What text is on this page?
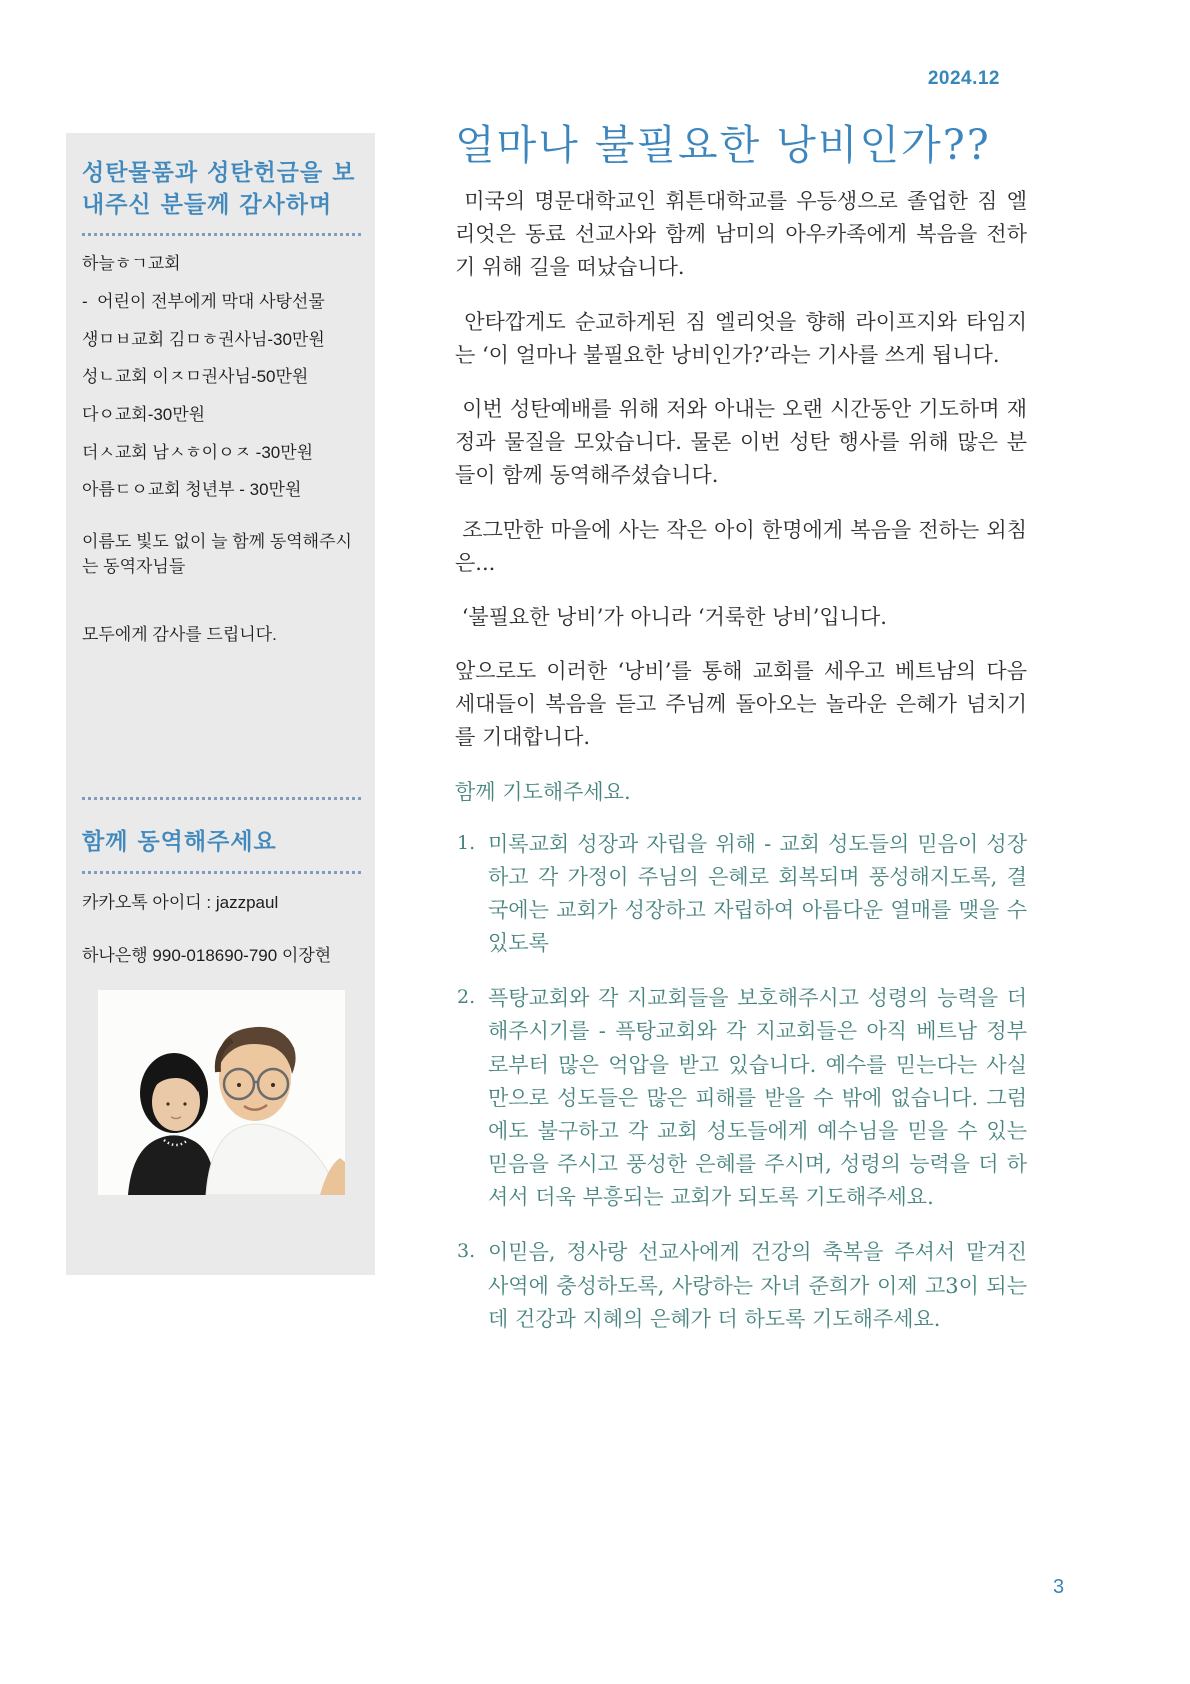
2024.12
성탄물품과 성탄헌금을 보내주신 분들께 감사하며
하늘ㅎㄱ교회
-  어린이 전부에게 막대 사탕선물
생ㅁㅂ교회 김ㅁㅎ권사님-30만원
성ㄴ교회 이ㅈㅁ권사님-50만원
다ㅇ교회-30만원
더ㅅ교회 남ㅅㅎ이ㅇㅈ -30만원
아름ㄷㅇ교회 청년부 - 30만원

이름도 빛도 없이 늘 함께 동역해주시는 동역자님들

모두에게 감사를 드립니다.

함께 동역해주세요

카카오톡 아이디 : jazzpaul

하나은행 990-018690-790 이장현

얼마나 불필요한 낭비인가??

미국의 명문대학교인 휘튼대학교를 우등생으로 졸업한 짐 엘리엇은 동료 선교사와 함께 남미의 아우카족에게 복음을 전하기 위해 길을 떠났습니다.

안타깝게도 순교하게된 짐 엘리엇을 향해 라이프지와 타임지는 ‘이 얼마나 불필요한 낭비인가?’라는 기사를 쓰게 됩니다.

이번 성탄예배를 위해 저와 아내는 오랜 시간동안 기도하며 재정과 물질을 모았습니다. 물론 이번 성탄 행사를 위해 많은 분들이 함께 동역해주셨습니다.

조그만한 마을에 사는 작은 아이 한명에게 복음을 전하는 외침은...

‘불필요한 낭비’가 아니라 ‘거룩한 낭비’입니다.

앞으로도 이러한 ‘낭비’를 통해 교회를 세우고 베트남의 다음 세대들이 복음을 듣고 주님께 돌아오는 놀라운 은혜가 넘치기를 기대합니다.

함께 기도해주세요.

미록교회 성장과 자립을 위해 - 교회 성도들의 믿음이 성장하고 각 가정이 주님의 은혜로 회복되며 풍성해지도록, 결국에는 교회가 성장하고 자립하여 아름다운 열매를 맺을 수 있도록
픅탕교회와 각 지교회들을 보호해주시고 성령의 능력을 더 해주시기를 - 픅탕교회와 각 지교회들은 아직 베트남 정부로부터 많은 억압을 받고 있습니다. 예수를 믿는다는 사실만으로 성도들은 많은 피해를 받을 수 밖에 없습니다. 그럼에도 불구하고 각 교회 성도들에게 예수님을 믿을 수 있는 믿음을 주시고 풍성한 은혜를 주시며, 성령의 능력을 더 하셔서 더욱 부흥되는 교회가 되도록 기도해주세요.
이믿음, 정사랑 선교사에게 건강의 축복을 주셔서 맡겨진 사역에 충성하도록, 사랑하는 자녀 준희가 이제 고3이 되는데 건강과 지혜의 은혜가 더 하도록 기도해주세요.
3
